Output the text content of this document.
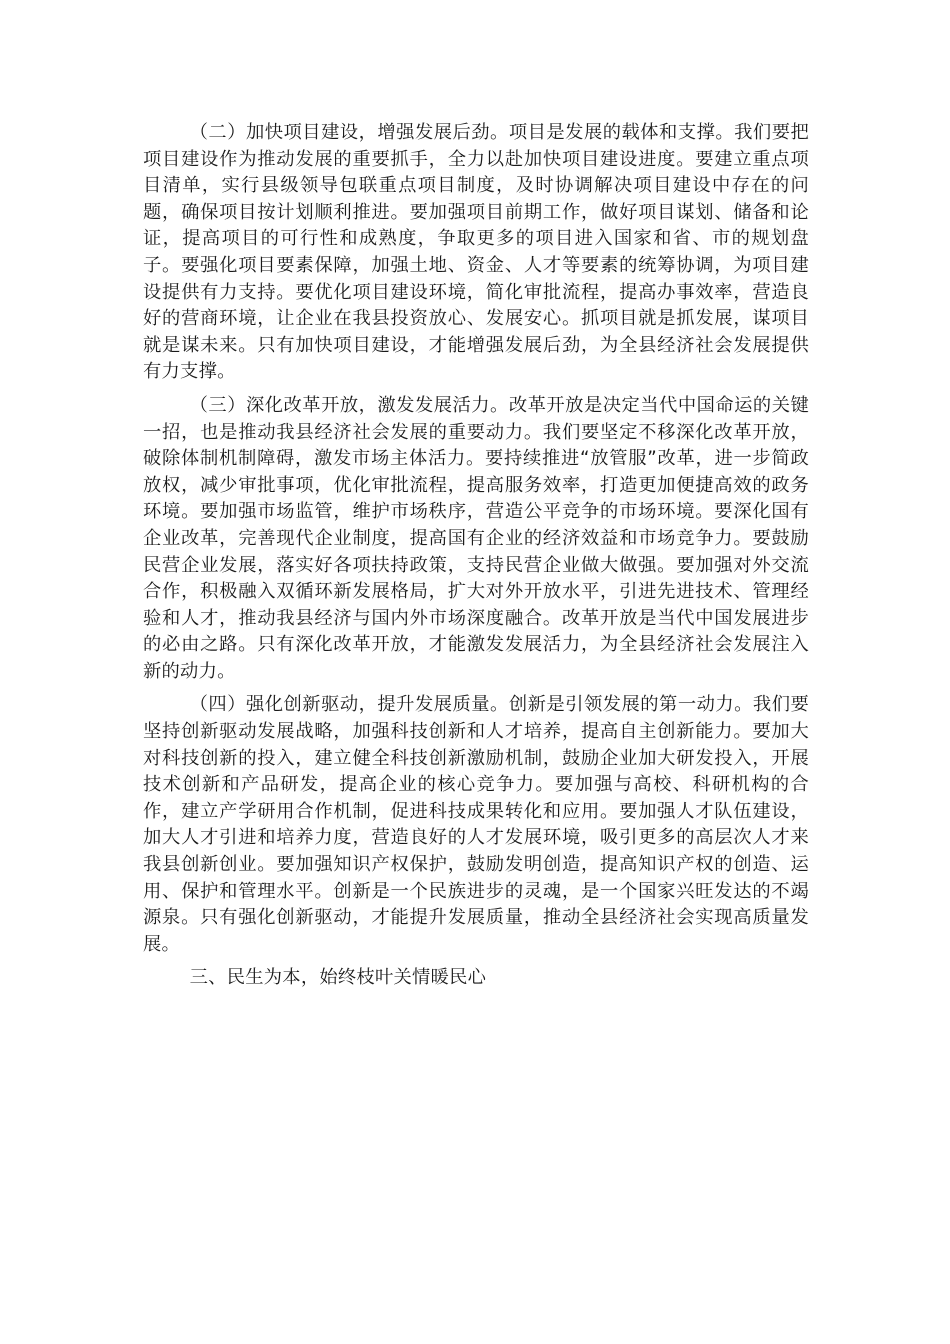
（二）加快项目建设，增强发展后劲。项目是发展的载体和支撑。我们要把项目建设作为推动发展的重要抓手，全力以赴加快项目建设进度。要建立重点项目清单，实行县级领导包联重点项目制度，及时协调解决项目建设中存在的问题，确保项目按计划顺利推进。要加强项目前期工作，做好项目谋划、储备和论证，提高项目的可行性和成熟度，争取更多的项目进入国家和省、市的规划盘子。要强化项目要素保障，加强土地、资金、人才等要素的统筹协调，为项目建设提供有力支持。要优化项目建设环境，简化审批流程，提高办事效率，营造良好的营商环境，让企业在我县投资放心、发展安心。抓项目就是抓发展，谋项目就是谋未来。只有加快项目建设，才能增强发展后劲，为全县经济社会发展提供有力支撑。

（三）深化改革开放，激发发展活力。改革开放是决定当代中国命运的关键一招，也是推动我县经济社会发展的重要动力。我们要坚定不移深化改革开放，破除体制机制障碍，激发市场主体活力。要持续推进“放管服”改革，进一步简政放权，减少审批事项，优化审批流程，提高服务效率，打造更加便捷高效的政务环境。要加强市场监管，维护市场秩序，营造公平竞争的市场环境。要深化国有企业改革，完善现代企业制度，提高国有企业的经济效益和市场竞争力。要鼓励民营企业发展，落实好各项扶持政策，支持民营企业做大做强。要加强对外交流合作，积极融入双循环新发展格局，扩大对外开放水平，引进先进技术、管理经验和人才，推动我县经济与国内外市场深度融合。改革开放是当代中国发展进步的必由之路。只有深化改革开放，才能激发发展活力，为全县经济社会发展注入新的动力。

（四）强化创新驱动，提升发展质量。创新是引领发展的第一动力。我们要坚持创新驱动发展战略，加强科技创新和人才培养，提高自主创新能力。要加大对科技创新的投入，建立健全科技创新激励机制，鼓励企业加大研发投入，开展技术创新和产品研发，提高企业的核心竞争力。要加强与高校、科研机构的合作，建立产学研用合作机制，促进科技成果转化和应用。要加强人才队伍建设，加大人才引进和培养力度，营造良好的人才发展环境，吸引更多的高层次人才来我县创新创业。要加强知识产权保护，鼓励发明创造，提高知识产权的创造、运用、保护和管理水平。创新是一个民族进步的灵魂，是一个国家兴旺发达的不竭源泉。只有强化创新驱动，才能提升发展质量，推动全县经济社会实现高质量发展。

三、民生为本，始终枝叶关情暖民心
